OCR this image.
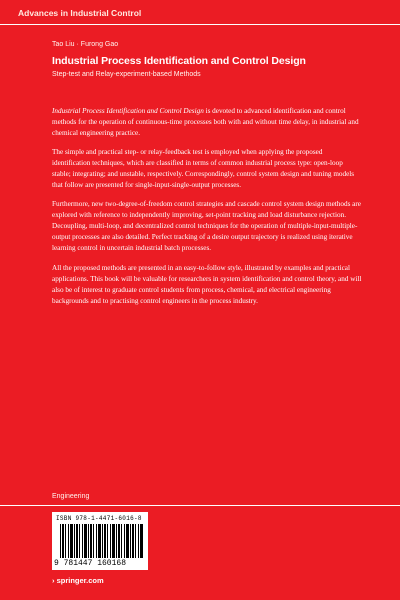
Advances in Industrial Control
Tao Liu · Furong Gao
Industrial Process Identification and Control Design
Step-test and Relay-experiment-based Methods

Industrial Process Identification and Control Design is devoted to advanced identification and control methods for the operation of continuous-time processes both with and without time delay, in industrial and chemical engineering practice.

The simple and practical step- or relay-feedback test is employed when applying the proposed identification techniques, which are classified in terms of common industrial process type: open-loop stable; integrating; and unstable, respectively. Correspondingly, control system design and tuning models that follow are presented for single-input-single-output processes.

Furthermore, new two-degree-of-freedom control strategies and cascade control system design methods are explored with reference to independently improving, set-point tracking and load disturbance rejection. Decoupling, multi-loop, and decentralized control techniques for the operation of multiple-input-multiple-output processes are also detailed. Perfect tracking of a desire output trajectory is realized using iterative learning control in uncertain industrial batch processes.

All the proposed methods are presented in an easy-to-follow style, illustrated by examples and practical applications. This book will be valuable for researchers in system identification and control theory, and will also be of interest to graduate control students from process, chemical, and electrical engineering backgrounds and to practising control engineers in the process industry.

Engineering
ISBN 978-1-4471-6016-8
9 781447 160168
› springer.com
